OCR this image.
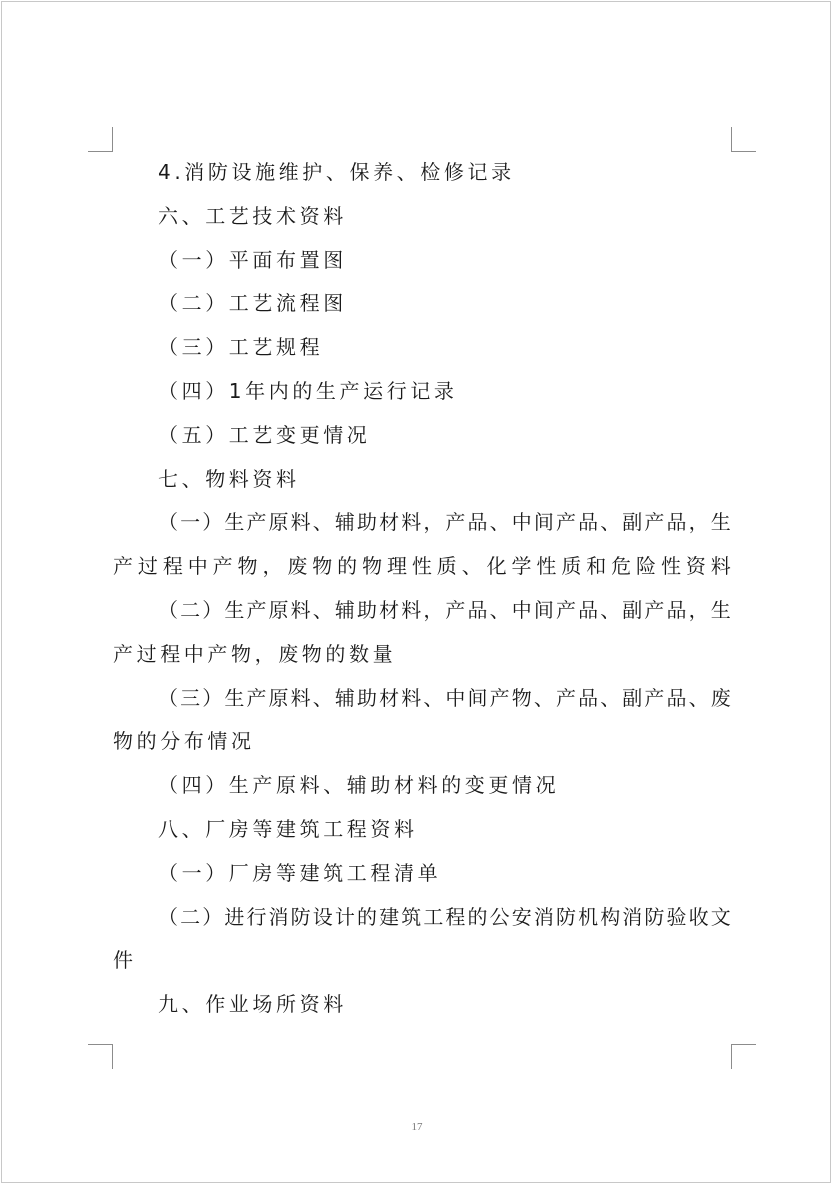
4.消防设施维护、保养、检修记录
六、工艺技术资料
（一）平面布置图
（二）工艺流程图
（三）工艺规程
（四）1年内的生产运行记录
（五）工艺变更情况
七、物料资料
（ 一 ） 生 产 原 料 、 辅 助 材 料 ， 产 品 、 中 间 产 品 、 副 产 品 ， 生
产 过 程 中 产 物 ， 废 物 的 物 理 性 质 、 化 学 性 质 和 危 险 性 资 料
（ 二 ） 生 产 原 料 、 辅 助 材 料 ， 产 品 、 中 间 产 品 、 副 产 品 ， 生
产过程中产物，废物的数量
（ 三 ） 生 产 原 料 、 辅 助 材 料 、 中 间 产 物 、 产 品 、 副 产 品 、 废
物的分布情况
（四）生产原料、辅助材料的变更情况
八、厂房等建筑工程资料
（一）厂房等建筑工程清单
（ 二 ） 进 行 消 防 设 计 的 建 筑 工 程 的 公 安 消 防 机 构 消 防 验 收 文
件
九、作业场所资料
17
